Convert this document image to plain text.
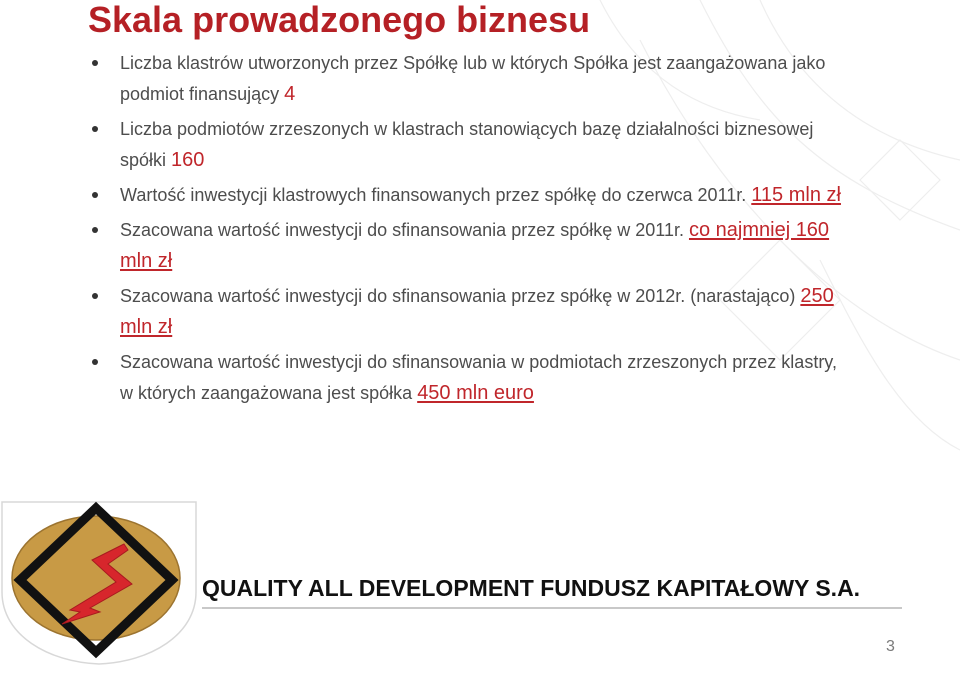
Skala prowadzonego biznesu
Liczba klastrów utworzonych przez Spółkę lub w których Spółka jest zaangażowana jako podmiot finansujący 4
Liczba podmiotów zrzeszonych w klastrach stanowiących bazę działalności biznesowej spółki 160
Wartość inwestycji klastrowych finansowanych przez spółkę do czerwca 2011r. 115 mln zł
Szacowana wartość inwestycji do sfinansowania przez spółkę w 2011r. co najmniej 160 mln zł
Szacowana wartość inwestycji do sfinansowania przez spółkę w 2012r. (narastająco) 250 mln zł
Szacowana wartość inwestycji do sfinansowania w podmiotach zrzeszonych przez klastry, w których zaangażowana jest spółka 450 mln euro
QUALITY ALL DEVELOPMENT FUNDUSZ KAPITAŁOWY S.A.
3
